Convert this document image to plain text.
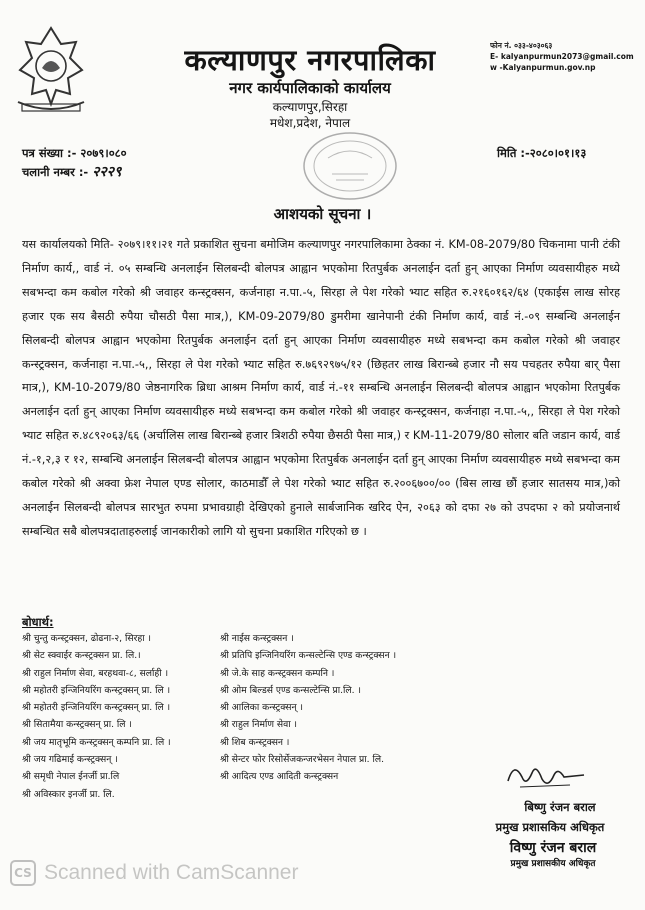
कल्याणपुर नगरपालिका
नगर कार्यपालिकाको कार्यालय
कल्याणपुर,सिरहा
मधेश,प्रदेश, नेपाल
फोन नं. ०३३-४०३०६३
E- kalyanpurmun2073@gmail.com
w -Kalyanpurmun.gov.np
पत्र संख्या :- २०७९।०८०
चलानी नम्बर :- २२२९
मिति :-२०८०।०१।१३
आशयको सूचना ।
यस कार्यालयको मिति- २०७९।११।२१ गते प्रकाशित सुचना बमोजिम कल्याणपुर नगरपालिकामा ठेक्का नं. KM-08-2079/80 चिकनामा पानी टंकी निर्माण कार्य,, वार्ड नं. ०५ सम्बन्धि अनलाईन सिलबन्दी बोलपत्र आह्वान भएकोमा रितपुर्बक अनलाईन दर्ता हुन् आएका निर्माण व्यवसायीहरु मध्ये सबभन्दा कम कबोल गरेको श्री जवाहर कन्स्ट्रक्सन, कर्जनाहा न.पा.-५, सिरहा ले पेश गरेको भ्याट सहित रु.२१६०१६२/६४ (एकाईस लाख सोरह हजार एक सय बैसठी रुपैया चौसठी पैसा मात्र,), KM-09-2079/80 डुमरीमा खानेपानी टंकी निर्माण कार्य, वार्ड नं.-०९ सम्बन्धि अनलाईन सिलबन्दी बोलपत्र आह्वान भएकोमा रितपुर्बक अनलाईन दर्ता हुन् आएका निर्माण व्यवसायीहरु मध्ये सबभन्दा कम कबोल गरेको श्री जवाहर कन्स्ट्रक्सन, कर्जनाहा न.पा.-५,, सिरहा ले पेश गरेको भ्याट सहित रु.७६९२९७५/१२ (छिहतर लाख बिरान्ब्बे हजार नौ सय पचहतर रुपैया बार् पैसा मात्र,), KM-10-2079/80 जेष्ठनागरिक ब्रिधा आश्रम निर्माण कार्य, वार्ड नं.-११ सम्बन्धि अनलाईन सिलबन्दी बोलपत्र आह्वान भएकोमा रितपुर्बक अनलाईन दर्ता हुन् आएका निर्माण व्यवसायीहरु मध्ये सबभन्दा कम कबोल गरेको श्री जवाहर कन्स्ट्रक्सन, कर्जनाहा न.पा.-५,, सिरहा ले पेश गरेको भ्याट सहित रु.४८९२०६३/६६ (अर्चालिस लाख बिरान्ब्बे हजार त्रिशठी रुपैया छैसठी पैसा मात्र,) र KM-11-2079/80 सोलार बति जडान कार्य, वार्ड नं.-१,२,३ र १२, सम्बन्धि अनलाईन सिलबन्दी बोलपत्र आह्वान भएकोमा रितपुर्बक अनलाईन दर्ता हुन् आएका निर्माण व्यवसायीहरु मध्ये सबभन्दा कम कबोल गरेको श्री अक्वा फ्रेश नेपाल एण्ड सोलार, काठमाडौँ ले पेश गरेको भ्याट सहित रु.२००६७००/०० (बिस लाख छौं हजार सातसय मात्र,)को अनलाईन सिलबन्दी बोलपत्र सारभुत रुपमा प्रभावग्राही देखिएको हुनाले सार्बजानिक खरिद ऐन, २०६३ को दफा २७ को उपदफा २ को प्रयोजनार्थ सम्बन्धित सबै बोलपत्रदाताहरुलाई जानकारीको लागि यो सुचना प्रकाशित गरिएको छ ।
बोधार्थ:
श्री चुन्तु कन्स्ट्रक्सन, ढोढना-२, सिरहा ।
श्री सेट स्क्वाईर कन्स्ट्रक्सन प्रा. लि.।
श्री राहुल निर्माण सेवा, बरहथवा-८, सर्लाही ।
श्री महोतरी इन्जिनियरिंग कन्स्ट्रक्सन् प्रा. लि ।
श्री महोतरी इन्जिनियरिंग कन्स्ट्रक्सन् प्रा. लि ।
श्री सितामैया कन्स्ट्रक्सन् प्रा. लि ।
श्री जय मातृभूमि कन्स्ट्रक्सन् कम्पनि प्रा. लि ।
श्री जय गढिमाई कन्स्ट्रक्सन् ।
श्री समृधी नेपाल ईनर्जी प्रा.लि
श्री अविस्कार इनर्जी प्रा. लि.
श्री नाईस कन्स्ट्रक्सन ।
श्री प्रतिपि इन्जिनियरिंग कन्सल्टेन्सि एण्ड कन्स्ट्रक्सन ।
श्री जे.के साह कन्स्ट्रक्सन कम्पनि ।
श्री ओम बिल्डर्स एण्ड कन्सल्टेन्सि प्रा.लि. ।
श्री आलिका कन्स्ट्रक्सन् ।
श्री राहुल निर्माण सेवा ।
श्री शिब कन्स्ट्रक्सन ।
श्री सेन्टर फोर रिसोर्सेजकन्जरभेसन नेपाल प्रा. लि.
श्री आदित्य एण्ड आदिती कन्स्ट्रक्सन
बिष्णु रंजन बराल
प्रमुख प्रशासकिय अधिकृत
विष्णु रंजन बराल
प्रमुख प्रशासकीय अधिकृत
CS Scanned with CamScanner
